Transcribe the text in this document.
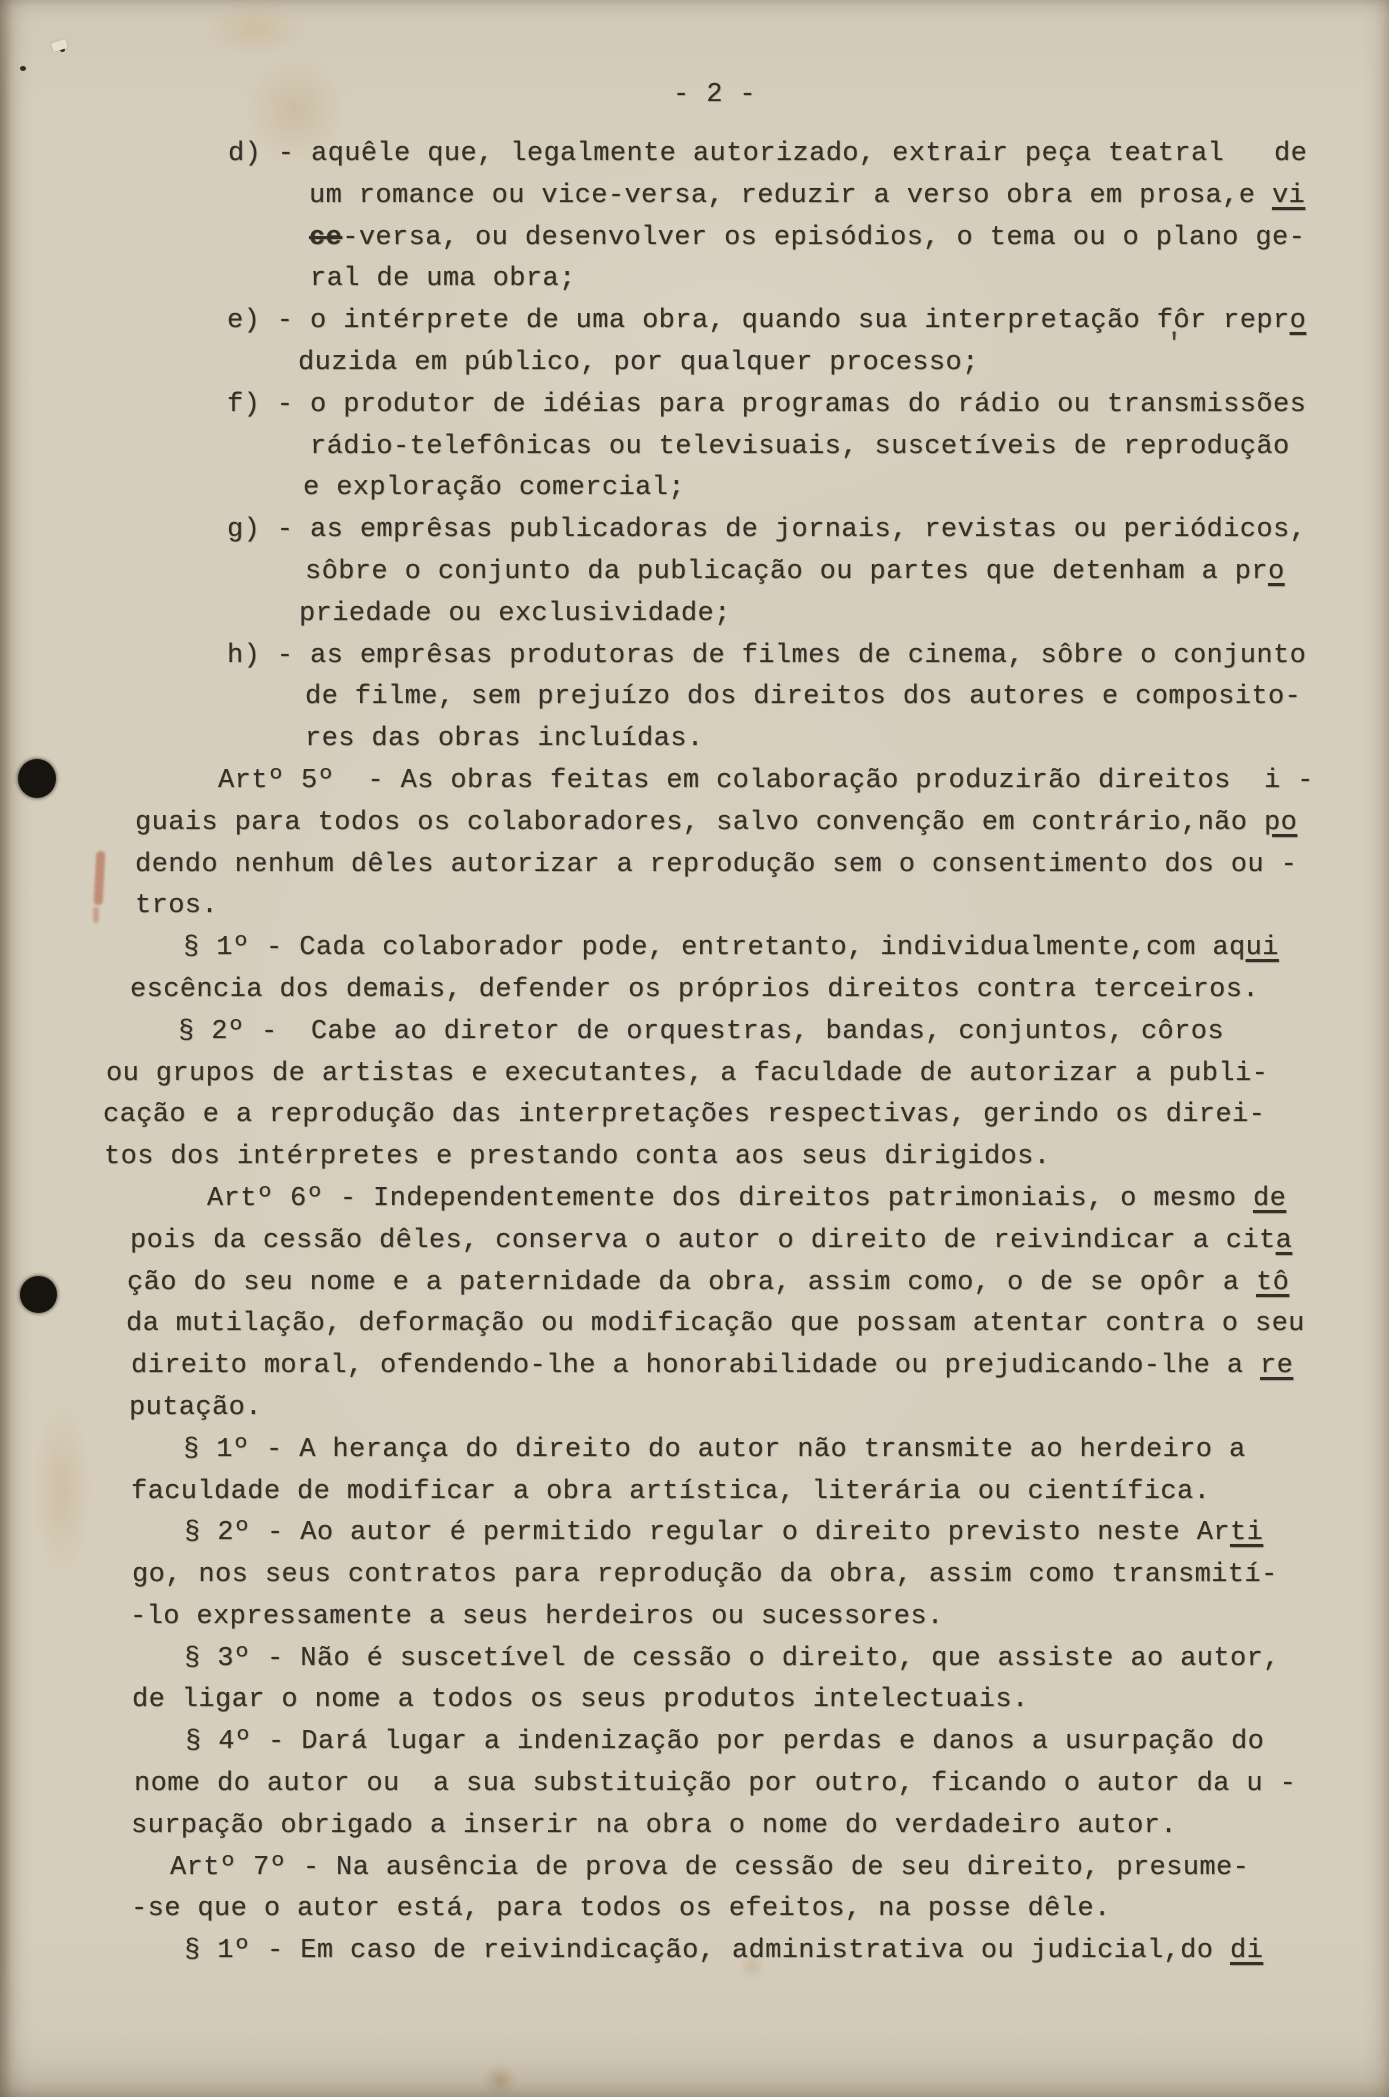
'
- 2 -
d) - aquêle que, legalmente autorizado, extrair peça teatral   de
um romance ou vice-versa, reduzir a verso obra em prosa,e vi
ce-versa, ou desenvolver os episódios, o tema ou o plano ge-
ral de uma obra;
e) - o intérprete de uma obra, quando sua interpretação fôr repro
duzida em público, por qualquer processo;
f) - o produtor de idéias para programas do rádio ou transmissões
rádio-telefônicas ou televisuais, suscetíveis de reprodução
e exploração comercial;
g) - as emprêsas publicadoras de jornais, revistas ou periódicos,
sôbre o conjunto da publicação ou partes que detenham a pro
priedade ou exclusividade;
h) - as emprêsas produtoras de filmes de cinema, sôbre o conjunto
de filme, sem prejuízo dos direitos dos autores e composito-
res das obras incluídas.
Artº 5º  - As obras feitas em colaboração produzirão direitos  i -
guais para todos os colaboradores, salvo convenção em contrário,não po
dendo nenhum dêles autorizar a reprodução sem o consentimento dos ou -
tros.
§ 1º - Cada colaborador pode, entretanto, individualmente,com aqui
escência dos demais, defender os próprios direitos contra terceiros.
§ 2º -  Cabe ao diretor de orquestras, bandas, conjuntos, côros
ou grupos de artistas e executantes, a faculdade de autorizar a publi-
cação e a reprodução das interpretações respectivas, gerindo os direi-
tos dos intérpretes e prestando conta aos seus dirigidos.
Artº 6º - Independentemente dos direitos patrimoniais, o mesmo de
pois da cessão dêles, conserva o autor o direito de reivindicar a cita
ção do seu nome e a paternidade da obra, assim como, o de se opôr a tô
da mutilação, deformação ou modificação que possam atentar contra o seu
direito moral, ofendendo-lhe a honorabilidade ou prejudicando-lhe a re
putação.
§ 1º - A herança do direito do autor não transmite ao herdeiro a
faculdade de modificar a obra artística, literária ou científica.
§ 2º - Ao autor é permitido regular o direito previsto neste Arti
go, nos seus contratos para reprodução da obra, assim como transmití-
-lo expressamente a seus herdeiros ou sucessores.
§ 3º - Não é suscetível de cessão o direito, que assiste ao autor,
de ligar o nome a todos os seus produtos intelectuais.
§ 4º - Dará lugar a indenização por perdas e danos a usurpação do
nome do autor ou  a sua substituição por outro, ficando o autor da u -
surpação obrigado a inserir na obra o nome do verdadeiro autor.
Artº 7º - Na ausência de prova de cessão de seu direito, presume-
-se que o autor está, para todos os efeitos, na posse dêle.
§ 1º - Em caso de reivindicação, administrativa ou judicial,do di
